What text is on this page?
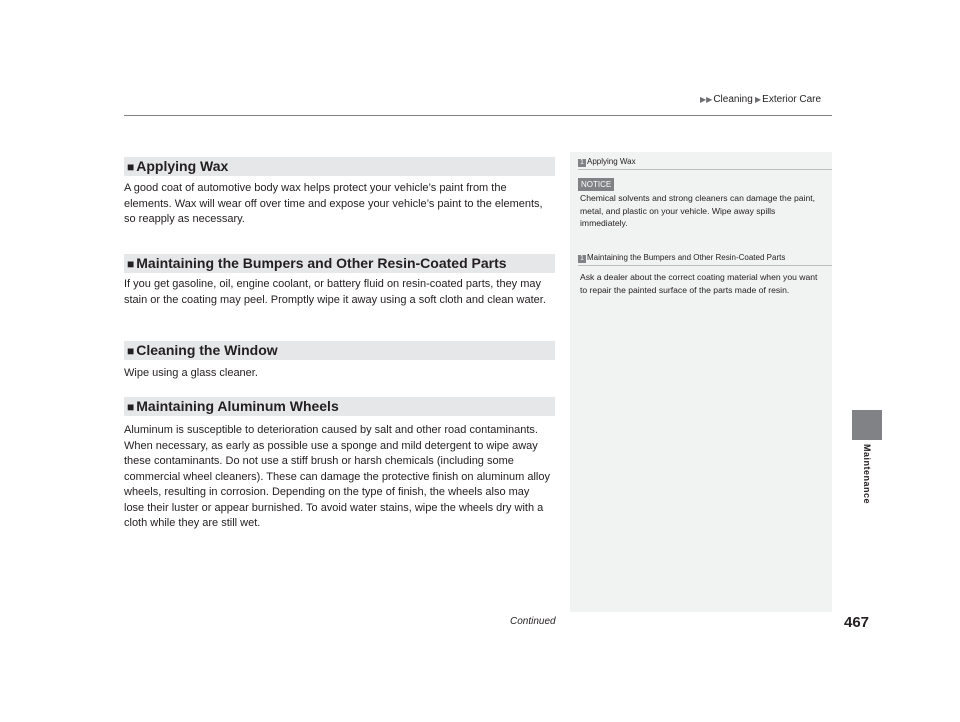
▶▶Cleaning ▶Exterior Care
Maintenance
■ Applying Wax
A good coat of automotive body wax helps protect your vehicle’s paint from the elements. Wax will wear off over time and expose your vehicle’s paint to the elements, so reapply as necessary.
■ Maintaining the Bumpers and Other Resin-Coated Parts
If you get gasoline, oil, engine coolant, or battery fluid on resin-coated parts, they may stain or the coating may peel. Promptly wipe it away using a soft cloth and clean water.
■ Cleaning the Window
Wipe using a glass cleaner.
■ Maintaining Aluminum Wheels
Aluminum is susceptible to deterioration caused by salt and other road contaminants. When necessary, as early as possible use a sponge and mild detergent to wipe away these contaminants. Do not use a stiff brush or harsh chemicals (including some commercial wheel cleaners). These can damage the protective finish on aluminum alloy wheels, resulting in corrosion. Depending on the type of finish, the wheels also may lose their luster or appear burnished. To avoid water stains, wipe the wheels dry with a cloth while they are still wet.
1 Applying Wax
NOTICE
Chemical solvents and strong cleaners can damage the paint, metal, and plastic on your vehicle. Wipe away spills immediately.
1 Maintaining the Bumpers and Other Resin-Coated Parts
Ask a dealer about the correct coating material when you want to repair the painted surface of the parts made of resin.
Continued	467
